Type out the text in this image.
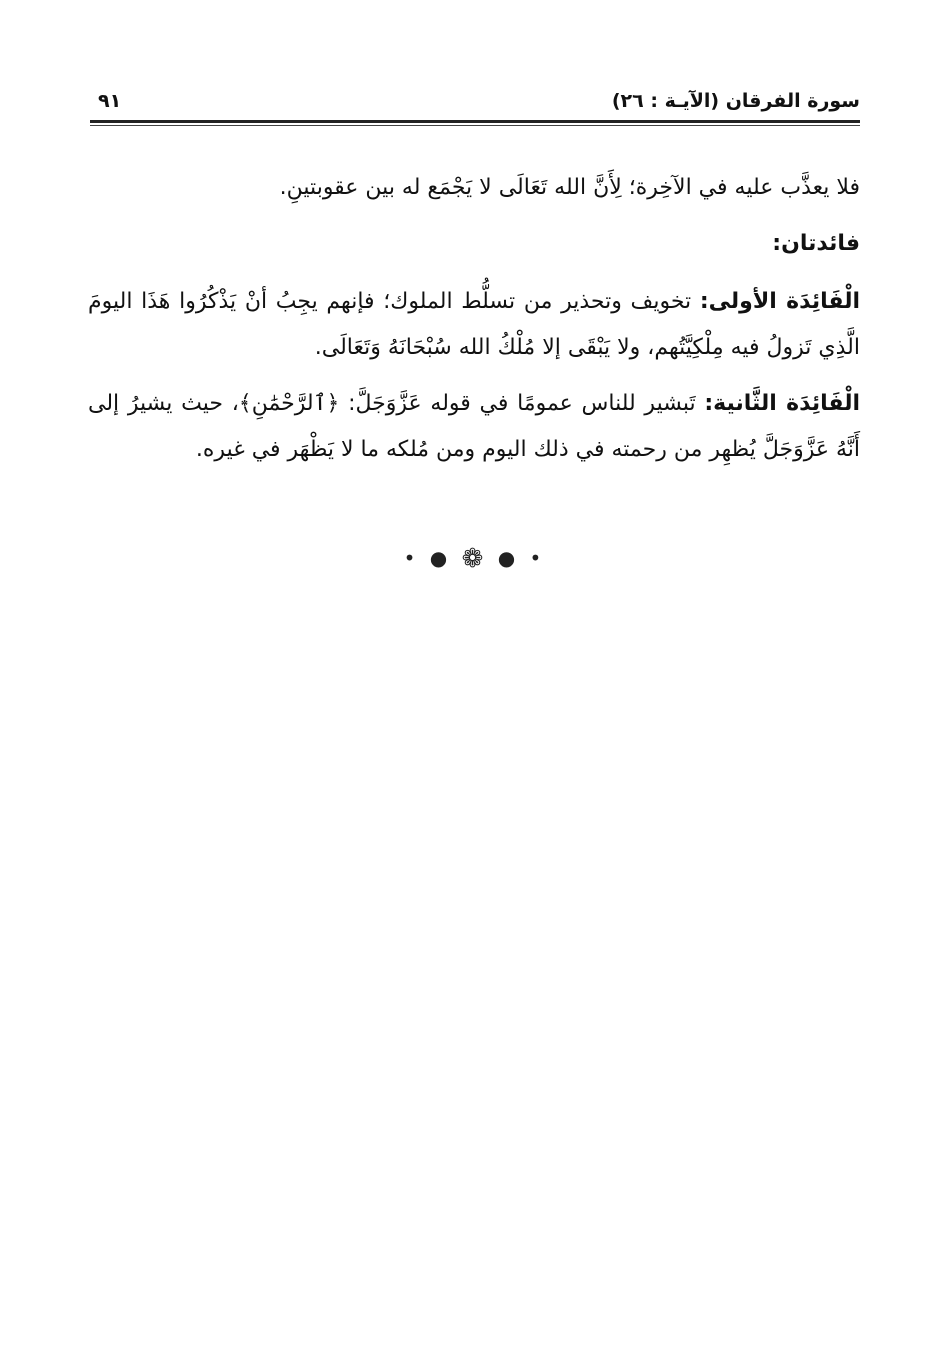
سورة الفرقان (الآيـة : ٢٦)
٩١

فلا يعذَّب عليه في الآخِرة؛ لِأَنَّ الله تَعَالَى لا يَجْمَع له بين عقوبتينِ.

فائدتان:

الْفَائِدَة الأولى: تخويف وتحذير من تسلُّط الملوك؛ فإنهم يجِبُ أنْ يَذْكُرُوا هَذَا اليومَ الَّذِي تَزولُ فيه مِلْكِيَّتُهم، ولا يَبْقَى إلا مُلْكُ الله سُبْحَانَهُ وَتَعَالَى.

الْفَائِدَة الثَّانية: تَبشير للناس عمومًا في قوله عَزَّوَجَلَّ: ﴿ٱلرَّحْمَٰنِ﴾، حيث يشيرُ إلى أَنَّهُ عَزَّوَجَلَّ يُظهِر من رحمته في ذلك اليوم ومن مُلكه ما لا يَظْهَر في غيره.

• ● ❁ ● •
